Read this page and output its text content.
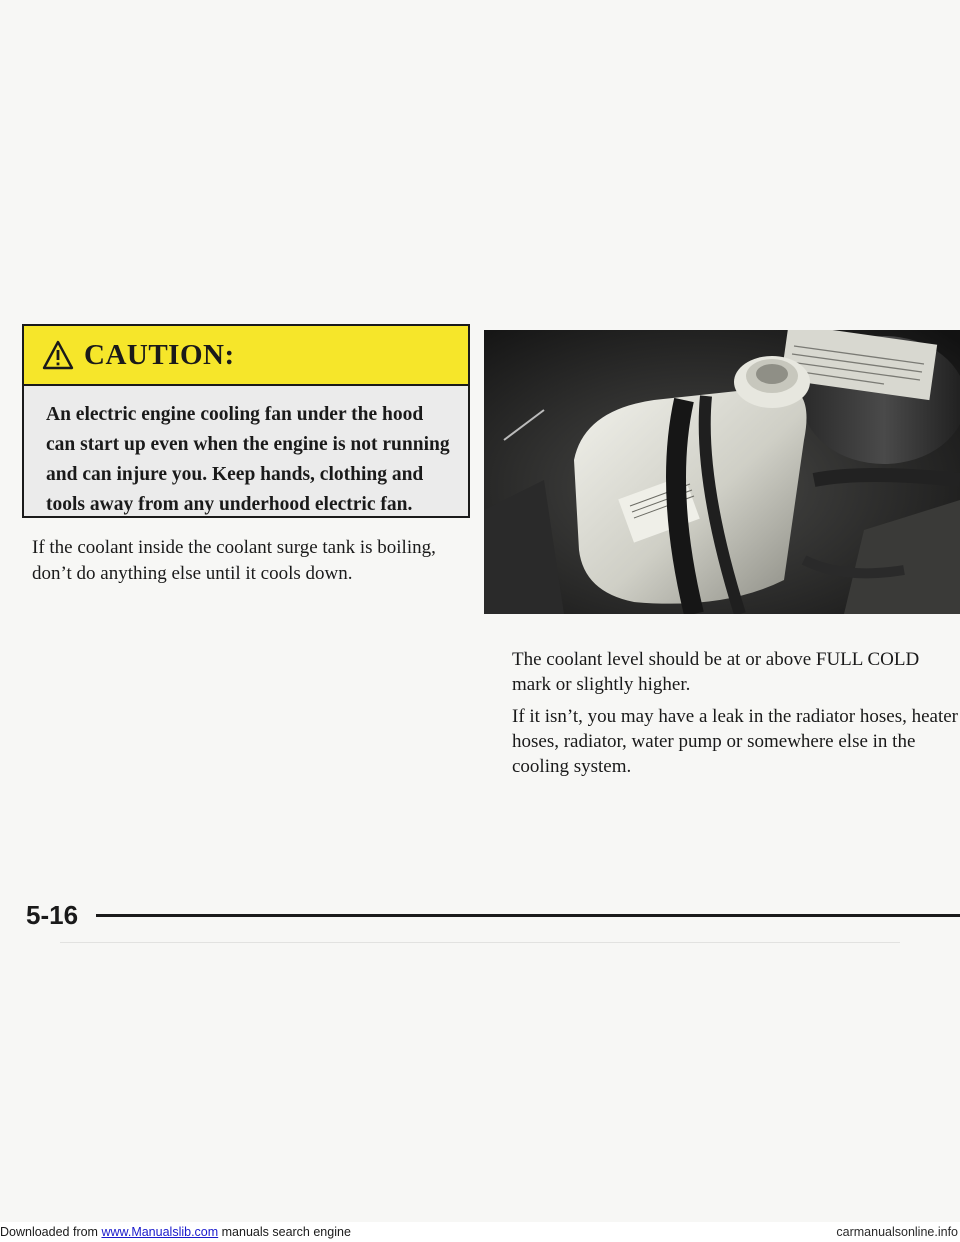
CAUTION:
An electric engine cooling fan under the hood can start up even when the engine is not running and can injure you. Keep hands, clothing and tools away from any underhood electric fan.

If the coolant inside the coolant surge tank is boiling, don’t do anything else until it cools down.

The coolant level should be at or above FULL COLD mark or slightly higher.

If it isn’t, you may have a leak in the radiator hoses, heater hoses, radiator, water pump or somewhere else in the cooling system.

5-16
Downloaded from www.Manualslib.com manuals search engine	carmanualsonline.info
